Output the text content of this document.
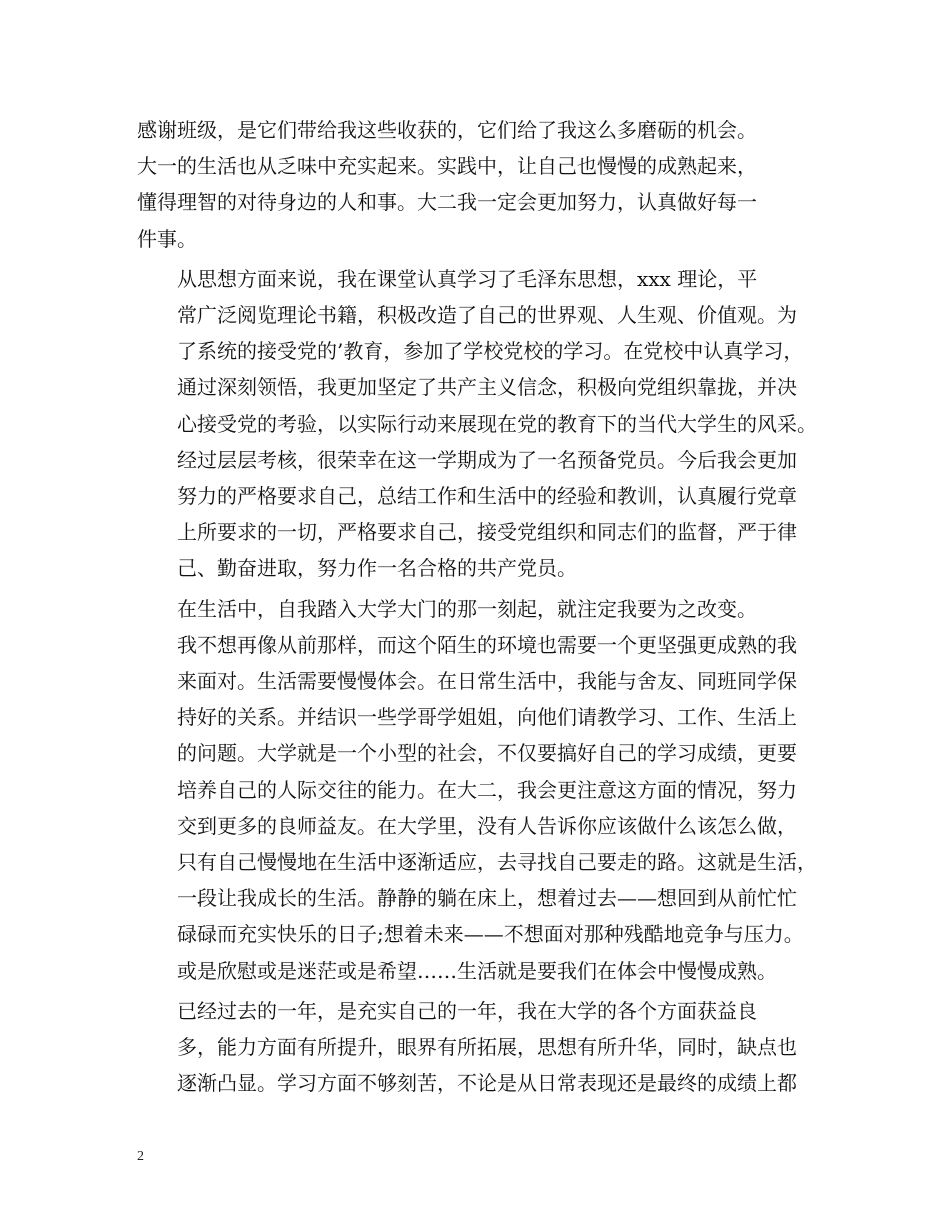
感谢班级，是它们带给我这些收获的，它们给了我这么多磨砺的机会。
大一的生活也从乏味中充实起来。实践中，让自己也慢慢的成熟起来，
懂得理智的对待身边的人和事。大二我一定会更加努力，认真做好每一
件事。

从思想方面来说，我在课堂认真学习了毛泽东思想，xxx 理论，平
常广泛阅览理论书籍，积极改造了自己的世界观、人生观、价值观。为
了系统的接受党的’教育，参加了学校党校的学习。在党校中认真学习，
通过深刻领悟，我更加坚定了共产主义信念，积极向党组织靠拢，并决
心接受党的考验，以实际行动来展现在党的教育下的当代大学生的风采。
经过层层考核，很荣幸在这一学期成为了一名预备党员。今后我会更加
努力的严格要求自己，总结工作和生活中的经验和教训，认真履行党章
上所要求的一切，严格要求自己，接受党组织和同志们的监督，严于律
己、勤奋进取，努力作一名合格的共产党员。

在生活中，自我踏入大学大门的那一刻起，就注定我要为之改变。
我不想再像从前那样，而这个陌生的环境也需要一个更坚强更成熟的我
来面对。生活需要慢慢体会。在日常生活中，我能与舍友、同班同学保
持好的关系。并结识一些学哥学姐姐，向他们请教学习、工作、生活上
的问题。大学就是一个小型的社会，不仅要搞好自己的学习成绩，更要
培养自己的人际交往的能力。在大二，我会更注意这方面的情况，努力
交到更多的良师益友。在大学里，没有人告诉你应该做什么该怎么做，
只有自己慢慢地在生活中逐渐适应，去寻找自己要走的路。这就是生活，
一段让我成长的生活。静静的躺在床上，想着过去——想回到从前忙忙
碌碌而充实快乐的日子;想着未来——不想面对那种残酷地竞争与压力。
或是欣慰或是迷茫或是希望……生活就是要我们在体会中慢慢成熟。

已经过去的一年，是充实自己的一年，我在大学的各个方面获益良
多，能力方面有所提升，眼界有所拓展，思想有所升华，同时，缺点也
逐渐凸显。学习方面不够刻苦，不论是从日常表现还是最终的成绩上都

2
